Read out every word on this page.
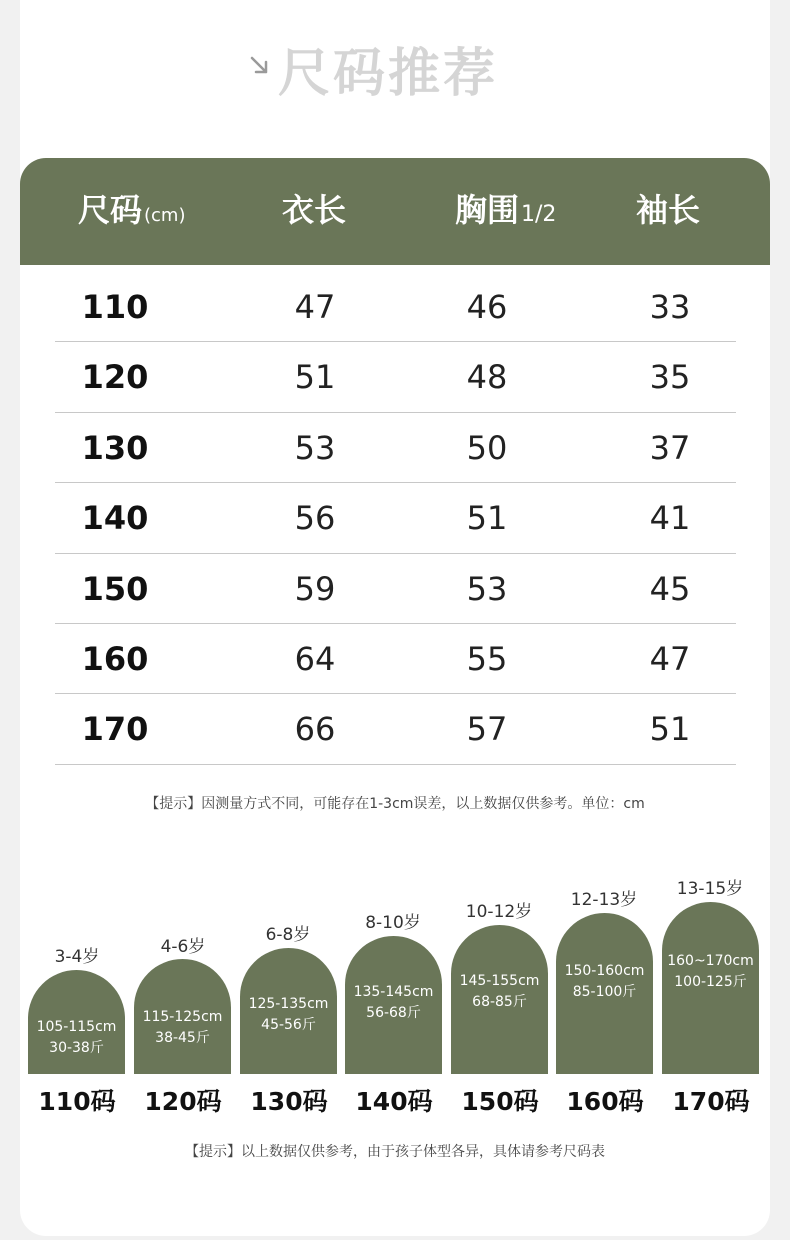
尺码推荐
尺码 (cm)	衣长	胸围1/2 袖长
110	47	46	33
120	51	48	35
130	53	50	37
140	56	51	41
150	59	53	45
160	64	55	47
170	66	57	51
【提示】因测量方式不同，可能存在1-3cm误差，以上数据仅供参考。单位：cm
3-4岁
105-115cm
30-38斤
110码
4-6岁
115-125cm
38-45斤
120码
6-8岁
125-135cm
45-56斤
130码
8-10岁
135-145cm
56-68斤
140码
10-12岁
145-155cm
68-85斤
150码
12-13岁
150-160cm
85-100斤
160码
13-15岁
160~170cm
100-125斤
170码
【提示】以上数据仅供参考，由于孩子体型各异，具体请参考尺码表
